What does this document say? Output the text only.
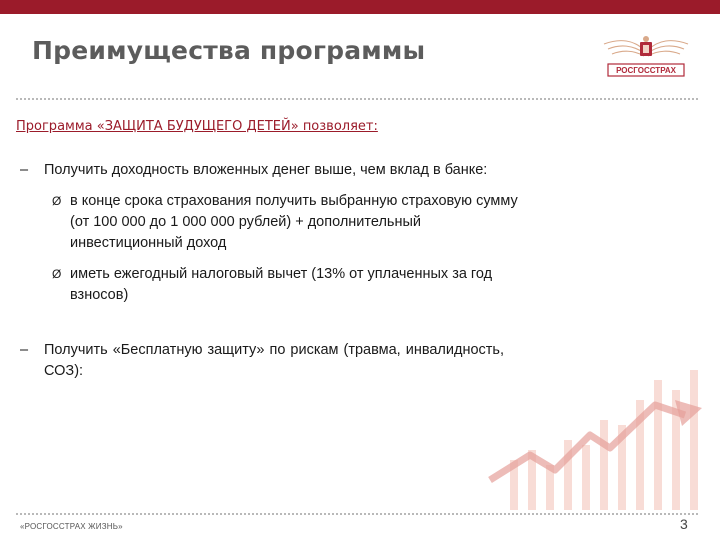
Преимущества программы
РОСГОССТРАХ
Программа «ЗАЩИТА БУДУЩЕГО ДЕТЕЙ» позволяет:

– Получить доходность вложенных денег выше, чем вклад в банке:

Ø в конце срока страхования получить выбранную страховую сумму (от 100 000 до 1 000 000 рублей) + дополнительный инвестиционный доход

Ø иметь ежегодный налоговый вычет (13% от уплаченных за год взносов)

– Получить «Бесплатную защиту» по рискам (травма, инвалидность, СОЗ):

«РОСГОССТРАХ ЖИЗНЬ»	3
